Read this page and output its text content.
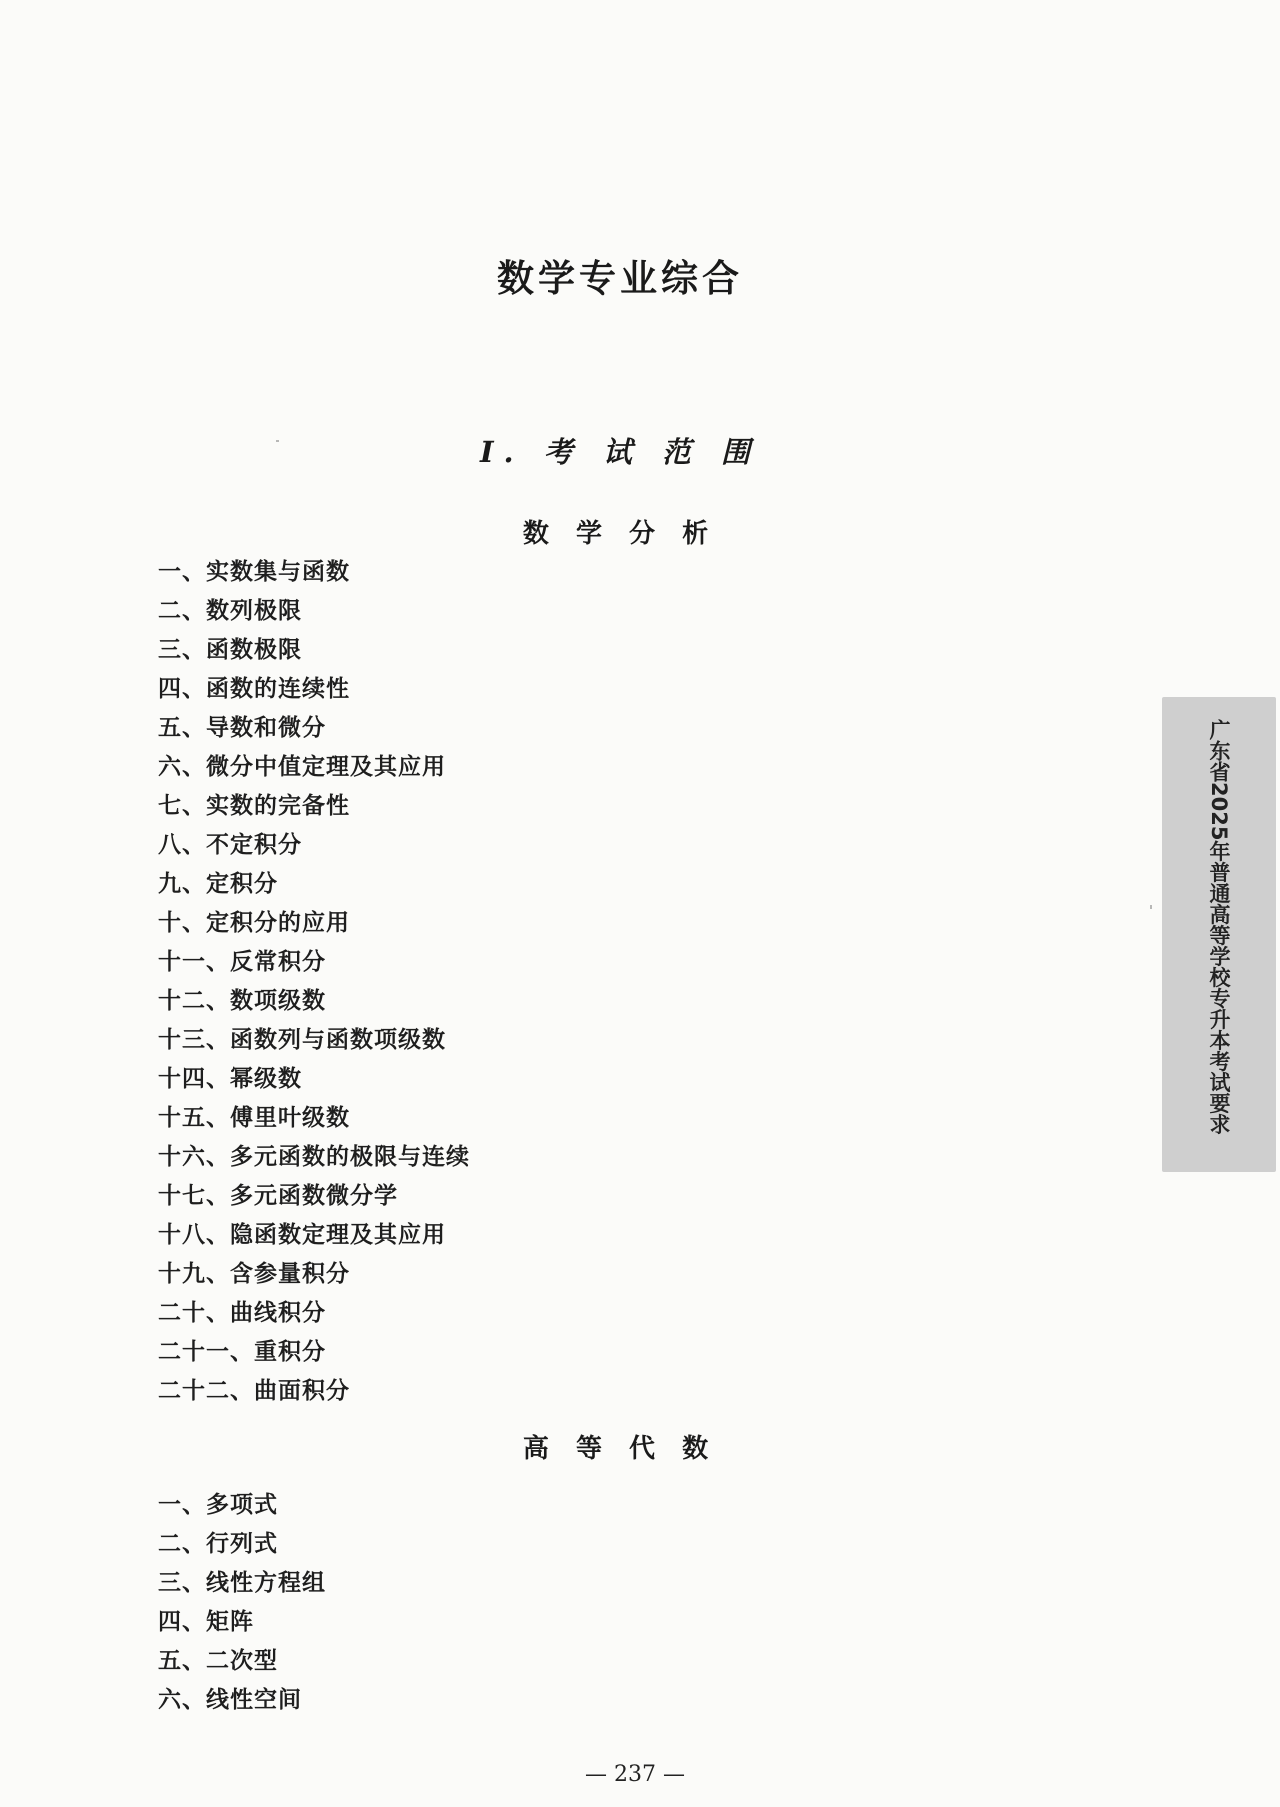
数学专业综合
Ⅰ. 考 试 范 围
数 学 分 析
一、实数集与函数
二、数列极限
三、函数极限
四、函数的连续性
五、导数和微分
六、微分中值定理及其应用
七、实数的完备性
八、不定积分
九、定积分
十、定积分的应用
十一、反常积分
十二、数项级数
十三、函数列与函数项级数
十四、幂级数
十五、傅里叶级数
十六、多元函数的极限与连续
十七、多元函数微分学
十八、隐函数定理及其应用
十九、含参量积分
二十、曲线积分
二十一、重积分
二十二、曲面积分
高 等 代 数
一、多项式
二、行列式
三、线性方程组
四、矩阵
五、二次型
六、线性空间
广东省2025年普通高等学校专升本考试要求
— 237 —
